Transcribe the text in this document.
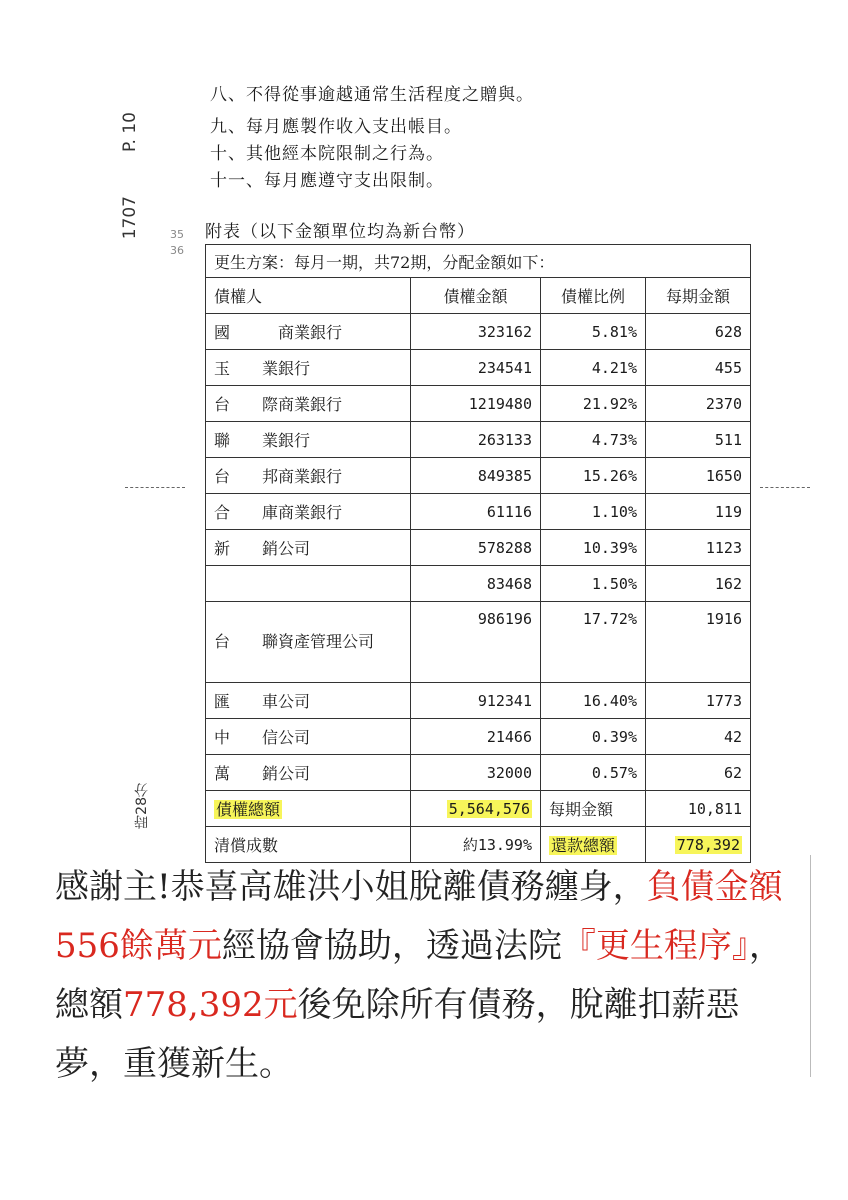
P. 10
1707
時28分
35
36
八、不得從事逾越通常生活程度之贈與。
九、每月應製作收入支出帳目。
十、其他經本院限制之行為。
十一、每月應遵守支出限制。
附表（以下金額單位均為新台幣）
更生方案：每月一期，共72期，分配金額如下：			
債權人	債權金額	債權比例	每期金額
國　　　商業銀行	323162	5.81%	628
玉　　業銀行	234541	4.21%	455
台　　際商業銀行	1219480	21.92%	2370
聯　　業銀行	263133	4.73%	511
台　　邦商業銀行	849385	15.26%	1650
合　　庫商業銀行	61116	1.10%	119
新　　銷公司	578288	10.39%	1123
	83468	1.50%	162
台　　聯資產管理公司	986196	17.72%	1916
匯　　車公司	912341	16.40%	1773
中　　信公司	21466	0.39%	42
萬　　銷公司	32000	0.57%	62
債權總額	5,564,576	每期金額	10,811
清償成數	約13.99%	還款總額	778,392
感謝主!恭喜高雄洪小姐脫離債務纏身，負債金額556餘萬元經協會協助，透過法院『更生程序』，總額778,392元後免除所有債務，脫離扣薪惡夢，重獲新生。
